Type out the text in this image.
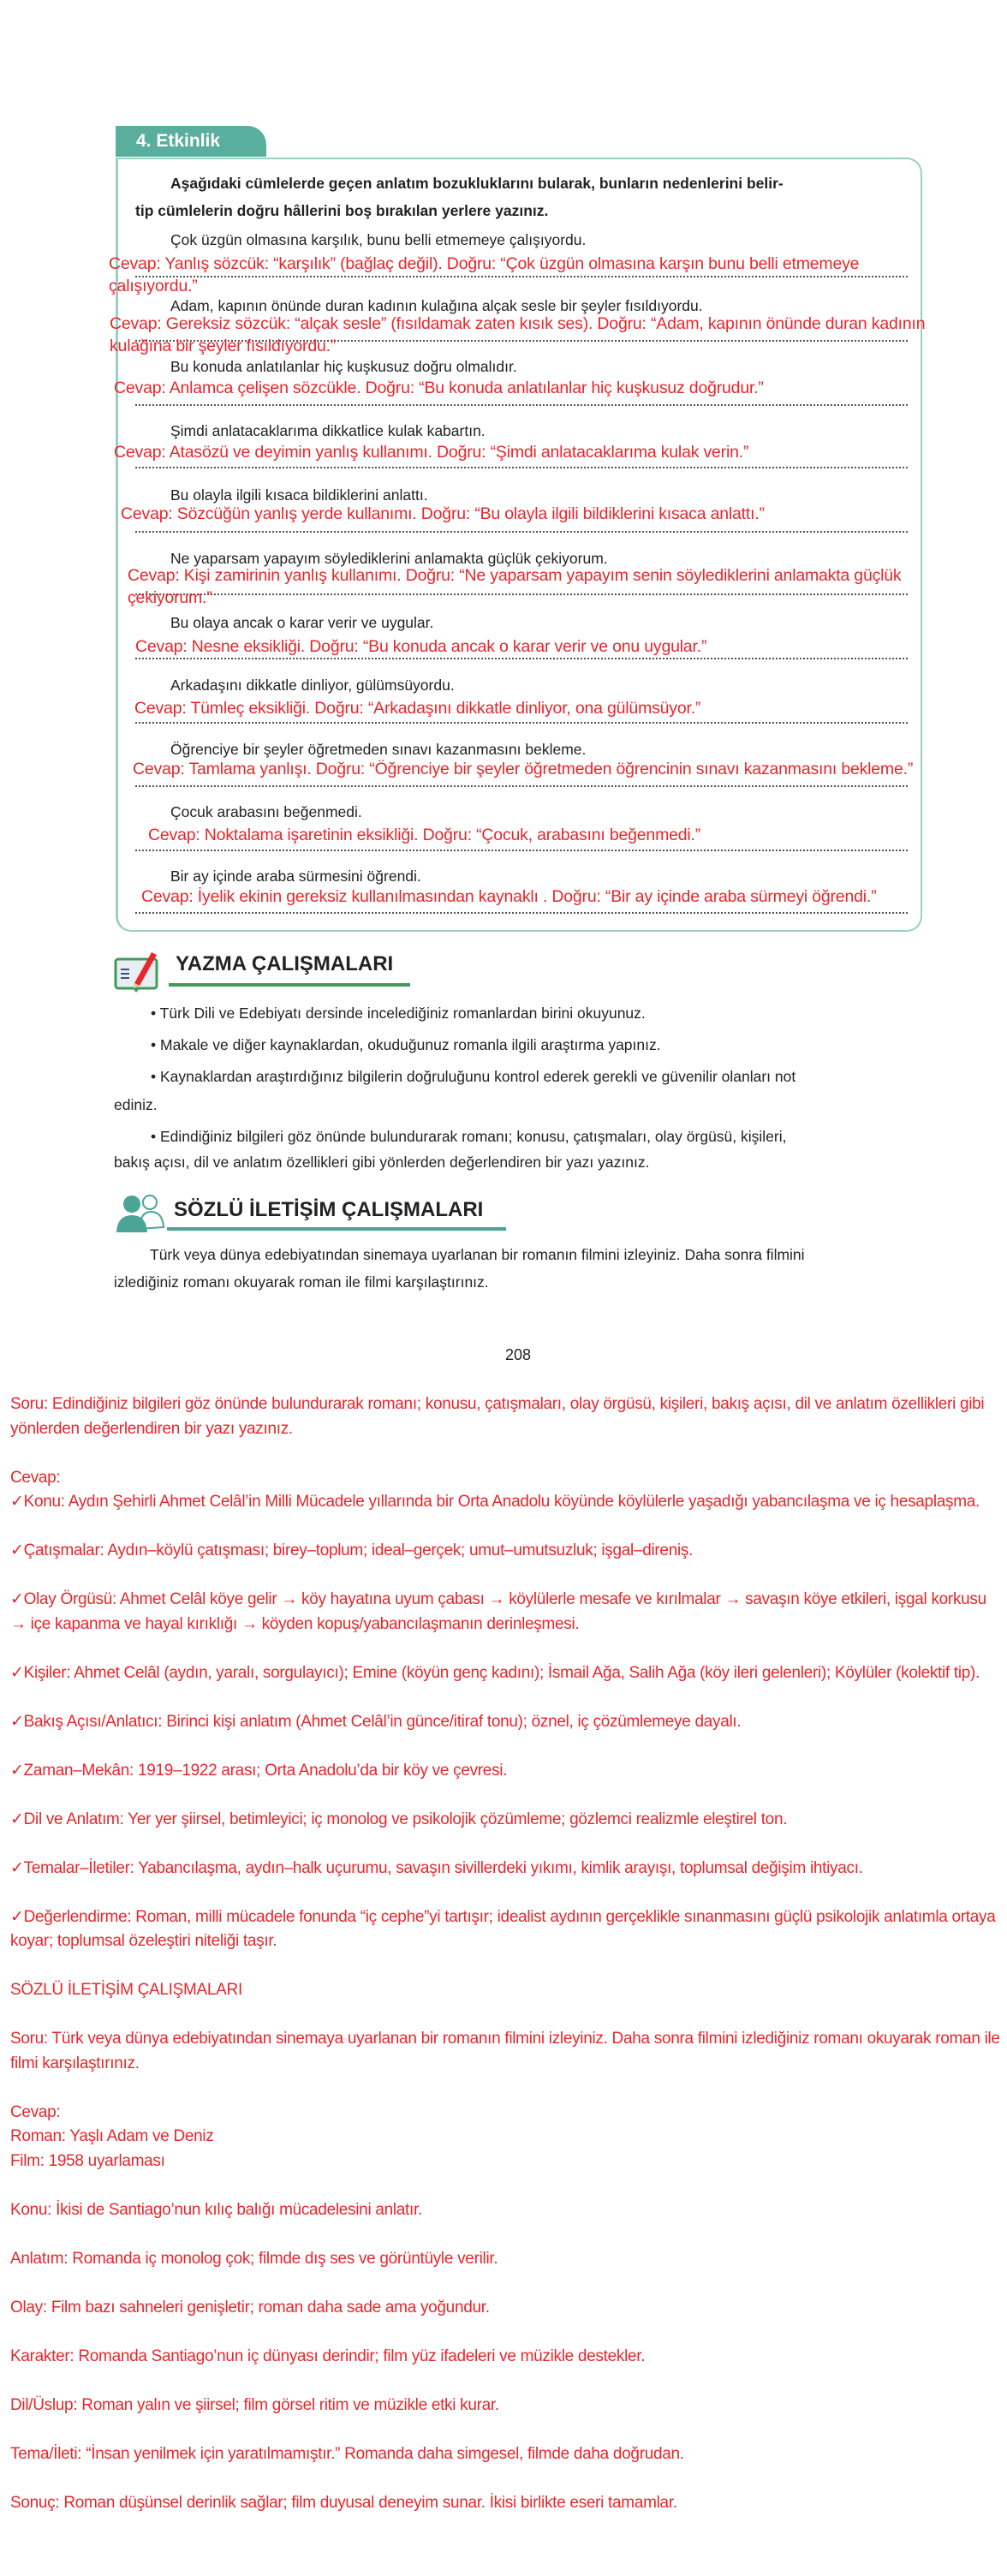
4. Etkinlik
Aşağıdaki cümlelerde geçen anlatım bozukluklarını bularak, bunların nedenlerini belir-
tip cümlelerin doğru hâllerini boş bırakılan yerlere yazınız.
Çok üzgün olmasına karşılık, bunu belli etmemeye çalışıyordu.
Cevap: Yanlış sözcük: “karşılık” (bağlaç değil). Doğru: “Çok üzgün olmasına karşın bunu belli etmemeye
çalışıyordu.”
Adam, kapının önünde duran kadının kulağına alçak sesle bir şeyler fısıldıyordu.
Cevap: Gereksiz sözcük: “alçak sesle” (fısıldamak zaten kısık ses). Doğru: “Adam, kapının önünde duran kadının
kulağına bir şeyler fısıldıyordu.”
Bu konuda anlatılanlar hiç kuşkusuz doğru olmalıdır.
Cevap: Anlamca çelişen sözcükle. Doğru: “Bu konuda anlatılanlar hiç kuşkusuz doğrudur.”
Şimdi anlatacaklarıma dikkatlice kulak kabartın.
Cevap: Atasözü ve deyimin yanlış kullanımı. Doğru: “Şimdi anlatacaklarıma kulak verin.”
Bu olayla ilgili kısaca bildiklerini anlattı.
Cevap: Sözcüğün yanlış yerde kullanımı. Doğru: “Bu olayla ilgili bildiklerini kısaca anlattı.”
Ne yaparsam yapayım söylediklerini anlamakta güçlük çekiyorum.
Cevap: Kişi zamirinin yanlış kullanımı. Doğru: “Ne yaparsam yapayım senin söylediklerini anlamakta güçlük
çekiyorum.”
Bu olaya ancak o karar verir ve uygular.
Cevap: Nesne eksikliği. Doğru: “Bu konuda ancak o karar verir ve onu uygular.”
Arkadaşını dikkatle dinliyor, gülümsüyordu.
Cevap: Tümleç eksikliği. Doğru: “Arkadaşını dikkatle dinliyor, ona gülümsüyor.”
Öğrenciye bir şeyler öğretmeden sınavı kazanmasını bekleme.
Cevap: Tamlama yanlışı. Doğru: “Öğrenciye bir şeyler öğretmeden öğrencinin sınavı kazanmasını bekleme.”
Çocuk arabasını beğenmedi.
Cevap: Noktalama işaretinin eksikliği. Doğru: “Çocuk, arabasını beğenmedi.”
Bir ay içinde araba sürmesini öğrendi.
Cevap: İyelik ekinin gereksiz kullanılmasından kaynaklı . Doğru: “Bir ay içinde araba sürmeyi öğrendi.”
YAZMA ÇALIŞMALARI
• Türk Dili ve Edebiyatı dersinde incelediğiniz romanlardan birini okuyunuz.
• Makale ve diğer kaynaklardan, okuduğunuz romanla ilgili araştırma yapınız.
• Kaynaklardan araştırdığınız bilgilerin doğruluğunu kontrol ederek gerekli ve güvenilir olanları not
ediniz.
• Edindiğiniz bilgileri göz önünde bulundurarak romanı; konusu, çatışmaları, olay örgüsü, kişileri,
bakış açısı, dil ve anlatım özellikleri gibi yönlerden değerlendiren bir yazı yazınız.
SÖZLÜ İLETİŞİM ÇALIŞMALARI
Türk veya dünya edebiyatından sinemaya uyarlanan bir romanın filmini izleyiniz. Daha sonra filmini
izlediğiniz romanı okuyarak roman ile filmi karşılaştırınız.
208

Soru: Edindiğiniz bilgileri göz önünde bulundurarak romanı; konusu, çatışmaları, olay örgüsü, kişileri, bakış açısı, dil ve anlatım özellikleri gibi yönlerden değerlendiren bir yazı yazınız.

Cevap:

✓Konu: Aydın Şehirli Ahmet Celâl’in Milli Mücadele yıllarında bir Orta Anadolu köyünde köylülerle yaşadığı yabancılaşma ve iç hesaplaşma.

✓Çatışmalar: Aydın–köylü çatışması; birey–toplum; ideal–gerçek; umut–umutsuzluk; işgal–direniş.

✓Olay Örgüsü: Ahmet Celâl köye gelir → köy hayatına uyum çabası → köylülerle mesafe ve kırılmalar → savaşın köye etkileri, işgal korkusu → içe kapanma ve hayal kırıklığı → köyden kopuş/yabancılaşmanın derinleşmesi.

✓Kişiler: Ahmet Celâl (aydın, yaralı, sorgulayıcı); Emine (köyün genç kadını); İsmail Ağa, Salih Ağa (köy ileri gelenleri); Köylüler (kolektif tip).

✓Bakış Açısı/Anlatıcı: Birinci kişi anlatım (Ahmet Celâl’in günce/itiraf tonu); öznel, iç çözümlemeye dayalı.

✓Zaman–Mekân: 1919–1922 arası; Orta Anadolu’da bir köy ve çevresi.

✓Dil ve Anlatım: Yer yer şiirsel, betimleyici; iç monolog ve psikolojik çözümleme; gözlemci realizmle eleştirel ton.

✓Temalar–İletiler: Yabancılaşma, aydın–halk uçurumu, savaşın sivillerdeki yıkımı, kimlik arayışı, toplumsal değişim ihtiyacı.

✓Değerlendirme: Roman, milli mücadele fonunda “iç cephe”yi tartışır; idealist aydının gerçeklikle sınanmasını güçlü psikolojik anlatımla ortaya koyar; toplumsal özeleştiri niteliği taşır.

SÖZLÜ İLETİŞİM ÇALIŞMALARI

Soru: Türk veya dünya edebiyatından sinemaya uyarlanan bir romanın filmini izleyiniz. Daha sonra filmini izlediğiniz romanı okuyarak roman ile filmi karşılaştırınız.

Cevap:

Roman: Yaşlı Adam ve Deniz

Film: 1958 uyarlaması

Konu: İkisi de Santiago’nun kılıç balığı mücadelesini anlatır.

Anlatım: Romanda iç monolog çok; filmde dış ses ve görüntüyle verilir.

Olay: Film bazı sahneleri genişletir; roman daha sade ama yoğundur.

Karakter: Romanda Santiago’nun iç dünyası derindir; film yüz ifadeleri ve müzikle destekler.

Dil/Üslup: Roman yalın ve şiirsel; film görsel ritim ve müzikle etki kurar.

Tema/İleti: “İnsan yenilmek için yaratılmamıştır.” Romanda daha simgesel, filmde daha doğrudan.

Sonuç: Roman düşünsel derinlik sağlar; film duyusal deneyim sunar. İkisi birlikte eseri tamamlar.
